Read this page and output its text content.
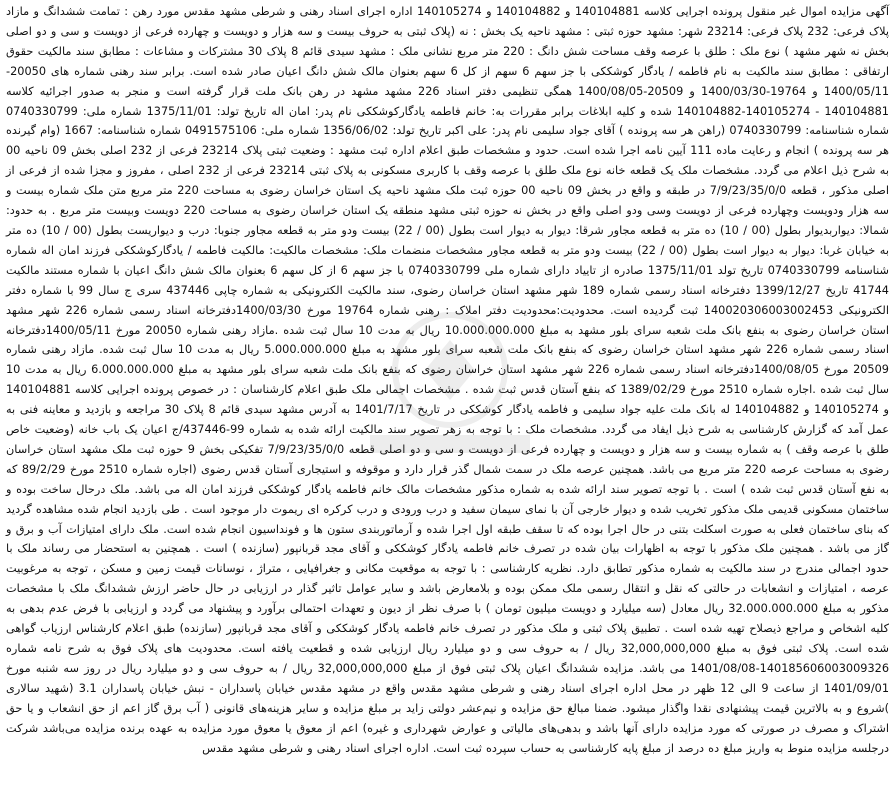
آگهی مزایده اموال غیر منقول پرونده اجرایی کلاسه 140104881 و 140104882 و 140105274 اداره اجرای اسناد رهنی و شرطی مشهد مقدس مورد رهن : تمامت ششدانگ و مازاد پلاک فرعی: 232 پلاک فرعی: 23214 شهر: مشهد حوزه ثبتی : مشهد ناحیه یک بخش : نه (پلاک ثبتی به حروف بیست و سه هزار و دویست و چهارده فرعی از دویست و سی و دو اصلی بخش نه شهر مشهد ) نوع ملک : طلق با عرصه وقف مساحت شش دانگ : 220 متر مربع نشانی ملک : مشهد سیدی قائم 8 پلاک 30 مشترکات و مشاعات : مطابق سند مالکیت حقوق ارتفاقی : مطابق سند مالکیت به نام فاطمه / یادگار کوشککی با جز سهم 6 سهم از کل 6 سهم بعنوان مالک شش دانگ اعیان صادر شده است. برابر سند رهنی شماره های 20050-1400/05/11 و 19764-1400/03/30 و 20509-1400/08/05 همگی تنظیمی دفتر اسناد 226 مشهد مشهد در رهن بانک ملت قرار گرفته است و منجر به صدور اجرائیه کلاسه 140104881 - 140105274-140104882 شده و کلیه ابلاغات برابر مقررات به: خانم فاطمه یادگارکوشککی نام پدر: امان اله تاریخ تولد: 1375/11/01 شماره ملی: 0740330799 شماره شناسنامه: 0740330799 (راهن هر سه پرونده ) آقای جواد سلیمی نام پدر: علی اکبر تاریخ تولد: 1356/06/02 شماره ملی: 0491575106 شماره شناسنامه: 1667 (وام گیرنده هر سه پرونده ) انجام و رعایت ماده 111 آیین نامه اجرا شده است. حدود و مشخصات طبق اعلام اداره ثبت مشهد : وضعیت ثبتی پلاک 23214 فرعی از 232 اصلی بخش 09 ناحیه 00 به شرح ذیل اعلام می گردد. مشخصات ملک یک قطعه خانه نوع ملک طلق با عرصه وقف با کاربری مسکونی به پلاک ثبتی 23214 فرعی از 232 اصلی ، مفروز و مجزا شده از فرعی از اصلی مذکور ، قطعه 7/9/23/35/0/0 در طبقه و واقع در بخش 09 ناحیه 00 حوزه ثبت ملک مشهد ناحیه یک استان خراسان رضوی به مساحت 220 متر مربع متن ملک شماره بیست و سه هزار ودویست وچهارده فرعی از دویست وسی ودو اصلی واقع در بخش نه حوزه ثبتی مشهد منطقه یک استان خراسان رضوی به مساحت 220 دویست وبیست متر مربع . به حدود: شمالا: دیواربدیوار بطول (00 / 10) ده متر به قطعه مجاور شرقا: دیوار به دیوار است بطول (00 / 22) بیست ودو متر به قطعه مجاور جنوبا: درب و دیواریست بطول (00 / 10) ده متر به خیابان غربا: دیوار به دیوار است بطول (00 / 22) بیست ودو متر به قطعه مجاور مشخصات منضمات ملک: مشخصات مالکیت: مالکیت فاطمه / یادگارکوشککی فرزند امان اله شماره شناسنامه 0740330799 تاریخ تولد 1375/11/01 صادره از تاییاد دارای شماره ملی 0740330799 با جز سهم 6 از کل سهم 6 بعنوان مالک شش دانگ اعیان با شماره مستند مالکیت 41744 تاریخ 1399/12/27 دفترخانه اسناد رسمی شماره 189 شهر مشهد استان خراسان رضوی، سند مالکیت الکترونیکی به شماره چاپی 437446 سری ج سال 99 با شماره دفتر الکترونیکی 140020306003002453 ثبت گردیده است. محدودیت:محدودیت دفتر املاک : رهنی شماره 19764 مورخ 1400/03/30دفترخانه اسناد رسمی شماره 226 شهر مشهد استان خراسان رضوی به بنفع بانک ملت شعبه سرای بلور مشهد به مبلغ 10.000.000.000 ریال به مدت 10 سال ثبت شده .مازاد رهنی شماره 20050 مورخ 1400/05/11دفترخانه اسناد رسمی شماره 226 شهر مشهد استان خراسان رضوی که بنفع بانک ملت شعبه سرای بلور مشهد به مبلغ 5.000.000.000 ریال به مدت 10 سال ثبت شده. مازاد رهنی شماره 20509 مورخ 1400/08/05دفترخانه اسناد رسمی شماره 226 شهر مشهد استان خراسان رضوی که بنفع بانک ملت شعبه سرای بلور مشهد به مبلغ 6.000.000.000 ریال به مدت 10 سال ثبت شده .اجاره شماره 2510 مورخ 1389/02/29 که بنفع آستان قدس ثبت شده . مشخصات اجمالی ملک طبق اعلام کارشناسان : در خصوص پرونده اجرایی کلاسه 140104881 و 140105274 و 140104882 له بانک ملت علیه جواد سلیمی و فاطمه یادگار کوشککی در تاریخ 1401/7/17 به آدرس مشهد سیدی قائم 8 پلاک 30 مراجعه و بازدید و معاینه فنی به عمل آمد که گزارش کارشناسی به شرح ذیل ایفاد می گردد. مشخصات ملک : با توجه به زهر تصویر سند مالکیت ارائه شده به شماره 99-437446/ج اعیان یک باب خانه (وضعیت خاص طلق با عرصه وقف ) به شماره بیست و سه هزار و دویست و چهارده فرعی از دویست و سی و دو اصلی قطعه 7/9/23/35/0/0 تفکیکی بخش 9 حوزه ثبت ملک مشهد استان خراسان رضوی به مساحت عرصه 220 متر مربع می باشد. همچنین عرصه ملک در سمت شمال گذر قرار دارد و موقوفه و استیجاری آستان قدس رضوی (اجاره شماره 2510 مورخ 89/2/29 که به نفع آستان قدس ثبت شده ) است . با توجه تصویر سند ارائه شده به شماره مذکور مشخصات مالک خانم فاطمه یادگار کوشککی فرزند امان اله می باشد. ملک درحال ساخت بوده و ساختمان مسکونی قدیمی ملک مذکور تخریب شده و دیوار خارجی آن با نمای سیمان سفید و درب ورودی و درب کرکره ای ریموت دار موجود است . طی بازدید انجام شده مشاهده گردید که بنای ساختمان فعلی به صورت اسکلت بتنی در حال اجرا بوده که تا سقف طبقه اول اجرا شده و آرماتوربندی ستون ها و فونداسیون انجام شده است. ملک دارای امتیازات آب و برق و گاز می باشد . همچنین ملک مذکور با توجه به اظهارات بیان شده در تصرف خانم فاطمه یادگار کوشککی و آقای مجد قربانپور (سازنده ) است . همچنین به استحضار می رساند ملک با حدود اجمالی مندرج در سند مالکیت به شماره مذکور تطابق دارد. نظریه کارشناسی : با توجه به موقعیت مکانی و جغرافیایی ، متراژ ، نوسانات قیمت زمین و مسکن ، توجه به مرغوبیت عرصه ، امتیازات و انشعابات در حالتی که نقل و انتقال رسمی ملک ممکن بوده و بلامعارض باشد و سایر عوامل تاثیر گذار در ارزیابی در حال حاضر ارزش ششدانگ ملک با مشخصات مذکور به مبلغ 32.000.000.000 ریال معادل (سه میلیارد و دویست میلیون تومان ) با صرف نظر از دیون و تعهدات احتمالی برآورد و پیشنهاد می گردد و ارزیابی با فرض عدم بدهی به کلیه اشخاص و مراجع ذیصلاح تهیه شده است . تطبیق پلاک ثبتی و ملک مذکور در تصرف خانم فاطمه یادگار کوشککی و آقای مجد قربانپور (سازنده) طبق اعلام کارشناس ارزیاب گواهی شده است. پلاک ثبتی فوق به مبلغ 32,000,000,000 ریال / به حروف سی و دو میلیارد ریال ارزیابی شده و قطعیت یافته است. محدودیت های پلاک فوق به شرح نامه شماره 140185606003009326-1401/08/08 می باشد. مزایده ششدانگ اعیان پلاک ثبتی فوق از مبلغ 32,000,000,000 ریال / به حروف سی و دو میلیارد ریال در روز سه شنبه مورخ 1401/09/01 از ساعت 9 الی 12 ظهر در محل اداره اجرای اسناد رهنی و شرطی مشهد مقدس واقع در مشهد مقدس خیابان پاسداران - نبش خیابان پاسداران 3.1 (شهید سالاری )شروع و به بالاترین قیمت پیشنهادی نقدا واگذار میشود. ضمنا مبالغ حق مزایده و نیم‌عشر دولتی زاید بر مبلغ مزایده و سایر هزینه‌های قانونی ( آب برق گاز اعم از حق انشعاب و یا حق اشتراک و مصرف در صورتی که مورد مزایده دارای آنها باشد و بدهی‌های مالیاتی و عوارض شهرداری و غیره) اعم از معوق یا معوق مورد مزایده به عهده برنده مزایده می‌باشد شرکت درجلسه مزایده منوط به واریز مبلغ ده درصد از مبلغ پایه کارشناسی به حساب سپرده ثبت است. اداره اجرای اسناد رهنی و شرطی مشهد مقدس
